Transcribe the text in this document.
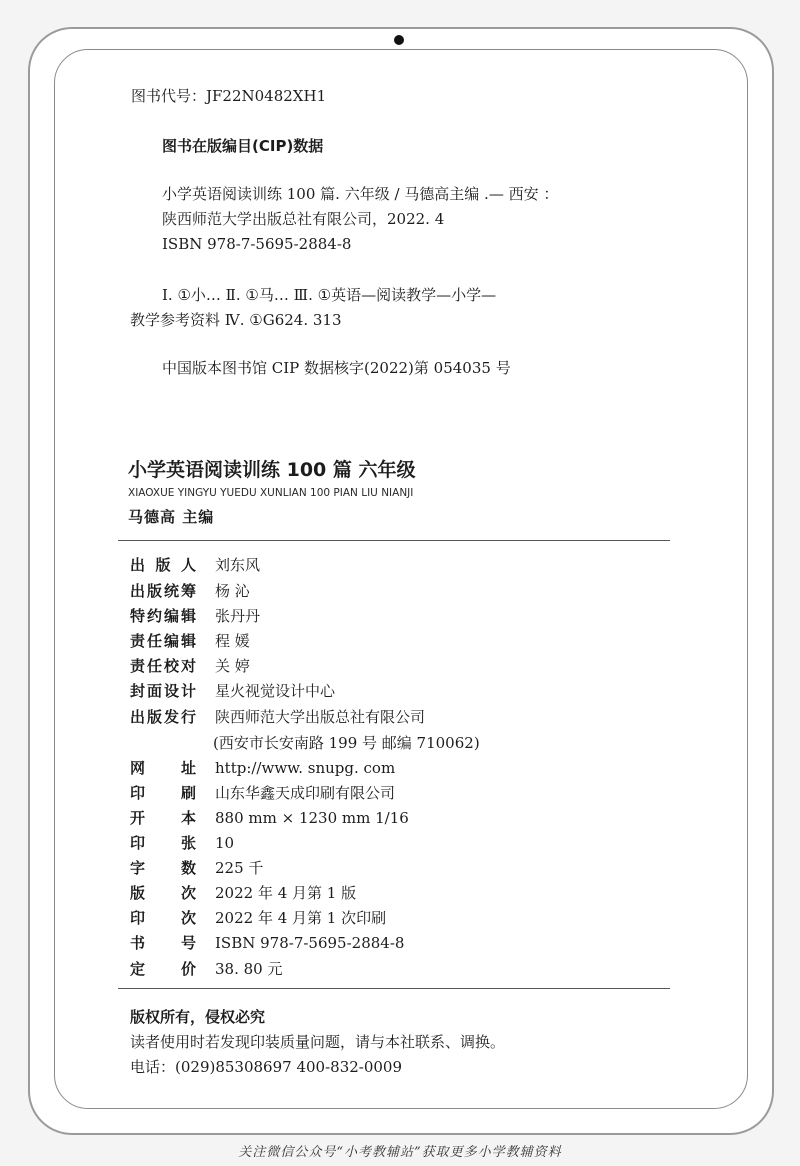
图书代号：JF22N0482XH1
图书在版编目(CIP)数据
小学英语阅读训练 100 篇. 六年级 / 马德高主编 .— 西安 ：
陕西师范大学出版总社有限公司，2022. 4
ISBN 978-7-5695-2884-8
Ⅰ. ①小… Ⅱ. ①马… Ⅲ. ①英语—阅读教学—小学—
教学参考资料 Ⅳ. ①G624. 313
中国版本图书馆 CIP 数据核字(2022)第 054035 号
小学英语阅读训练 100 篇 六年级
XIAOXUE YINGYU YUEDU XUNLIAN 100 PIAN LIU NIANJI
马德高 主编
出 版 人 刘东风
出 版 统 筹 杨 沁
特 约 编 辑 张丹丹
责 任 编 辑 程 媛
责 任 校 对 关 婷
封 面 设 计 星火视觉设计中心
出 版 发 行 陕西师范大学出版总社有限公司
(西安市长安南路 199 号 邮编 710062)
网 址 http://www. snupg. com
印 刷 山东华鑫天成印刷有限公司
开 本 880 mm × 1230 mm 1/16
印 张 10
字 数 225 千
版 次 2022 年 4 月第 1 版
印 次 2022 年 4 月第 1 次印刷
书 号 ISBN 978-7-5695-2884-8
定 价 38. 80 元
版权所有，侵权必究
读者使用时若发现印装质量问题，请与本社联系、调换。
电话：(029)85308697 400-832-0009
关注微信公众号“小考教辅站”获取更多小学教辅资料
